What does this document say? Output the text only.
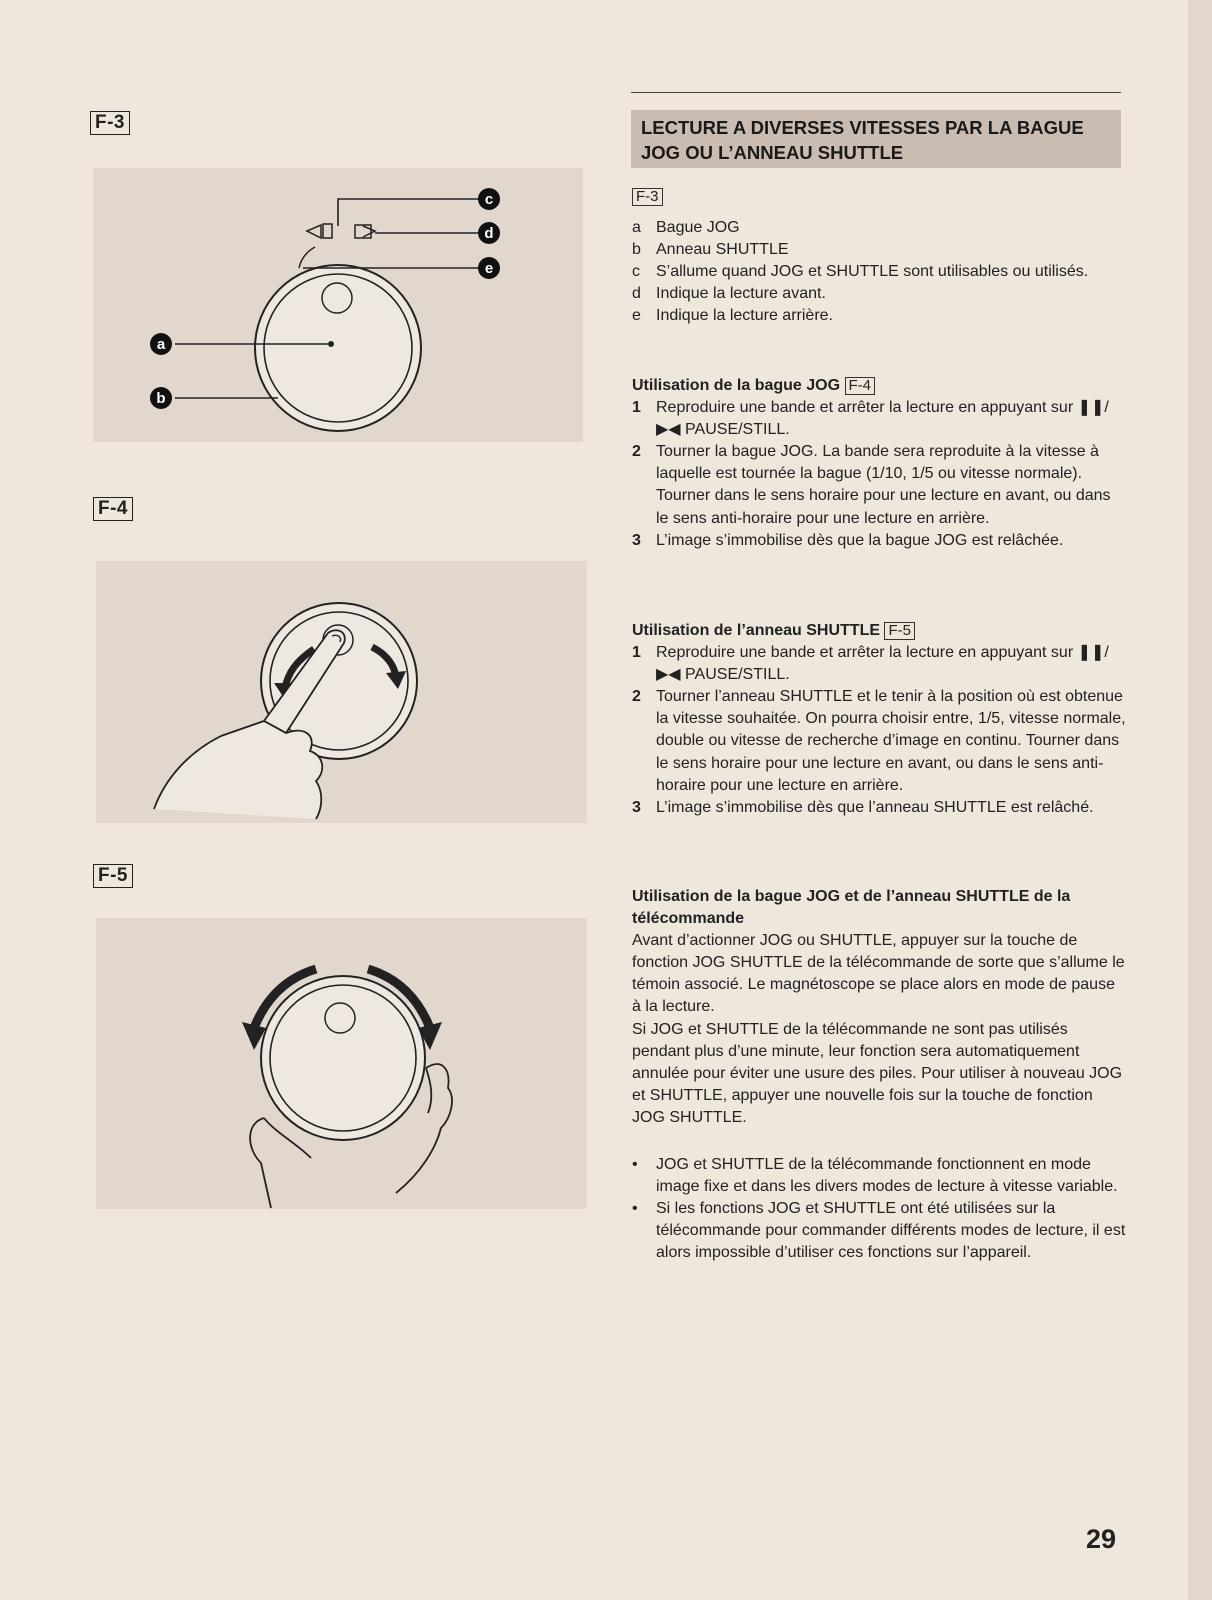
F-3
c
d
e
a
b
F-4
F-5
LECTURE A DIVERSES VITESSES PAR LA BAGUE
JOG OU L’ANNEAU SHUTTLE
F-3
a Bague JOG
b Anneau SHUTTLE
c	S’allume quand JOG et SHUTTLE sont utilisables ou utilisés.
d Indique la lecture avant.
e Indique la lecture arrière.
Utilisation de la bague JOG F-4
1 Reproduire une bande et arrêter la lecture en appuyant sur ❚❚/▶◀ PAUSE/STILL.
2 Tourner la bague JOG. La bande sera reproduite à la vitesse à laquelle est tournée la bague (1/10, 1/5 ou vitesse normale). Tourner dans le sens horaire pour une lecture en avant, ou dans le sens anti-horaire pour une lecture en arrière.
3 L’image s’immobilise dès que la bague JOG est relâchée.
Utilisation de l’anneau SHUTTLE F-5
1 Reproduire une bande et arrêter la lecture en appuyant sur ❚❚/▶◀ PAUSE/STILL.
2 Tourner l’anneau SHUTTLE et le tenir à la position où est obtenue la vitesse souhaitée. On pourra choisir entre, 1/5, vitesse normale, double ou vitesse de recherche d’image en continu. Tourner dans le sens horaire pour une lecture en avant, ou dans le sens anti-horaire pour une lecture en arrière.
3 L’image s’immobilise dès que l’anneau SHUTTLE est relâché.
Utilisation de la bague JOG et de l’anneau SHUTTLE de la télécommande
Avant d’actionner JOG ou SHUTTLE, appuyer sur la touche de fonction JOG SHUTTLE de la télécommande de sorte que s’allume le témoin associé. Le magnétoscope se place alors en mode de pause à la lecture.
Si JOG et SHUTTLE de la télécommande ne sont pas utilisés pendant plus d’une minute, leur fonction sera automatiquement annulée pour éviter une usure des piles. Pour utiliser à nouveau JOG et SHUTTLE, appuyer une nouvelle fois sur la touche de fonction JOG SHUTTLE.
•	JOG et SHUTTLE de la télécommande fonctionnent en mode image fixe et dans les divers modes de lecture à vitesse variable.
•	Si les fonctions JOG et SHUTTLE ont été utilisées sur la télécommande pour commander différents modes de lecture, il est alors impossible d’utiliser ces fonctions sur l’appareil.
29
